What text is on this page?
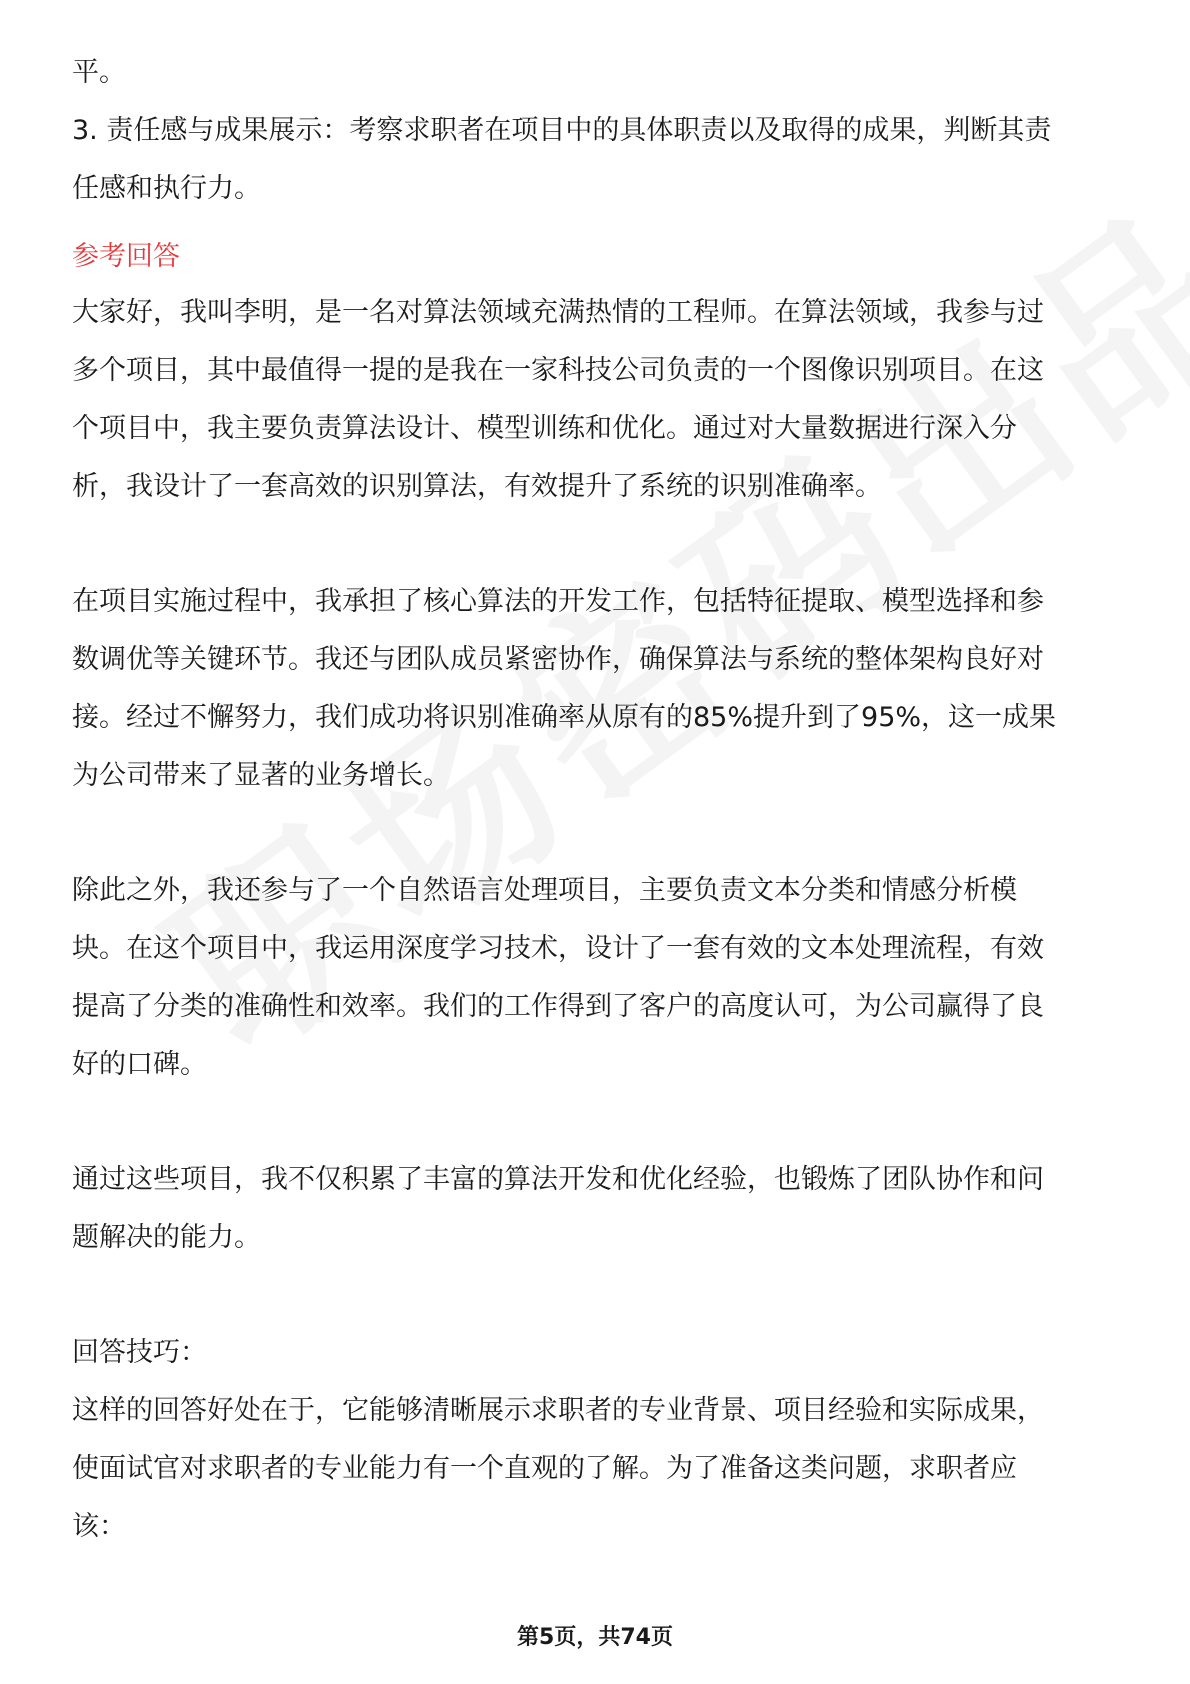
平。
3. 责任感与成果展示：考察求职者在项目中的具体职责以及取得的成果，判断其责
任感和执行力。
参考回答
大家好，我叫李明，是一名对算法领域充满热情的工程师。在算法领域，我参与过
多个项目，其中最值得一提的是我在一家科技公司负责的一个图像识别项目。在这
个项目中，我主要负责算法设计、模型训练和优化。通过对大量数据进行深入分
析，我设计了一套高效的识别算法，有效提升了系统的识别准确率。
在项目实施过程中，我承担了核心算法的开发工作，包括特征提取、模型选择和参
数调优等关键环节。我还与团队成员紧密协作，确保算法与系统的整体架构良好对
接。经过不懈努力，我们成功将识别准确率从原有的85%提升到了95%，这一成果
为公司带来了显著的业务增长。
除此之外，我还参与了一个自然语言处理项目，主要负责文本分类和情感分析模
块。在这个项目中，我运用深度学习技术，设计了一套有效的文本处理流程，有效
提高了分类的准确性和效率。我们的工作得到了客户的高度认可，为公司赢得了良
好的口碑。
通过这些项目，我不仅积累了丰富的算法开发和优化经验，也锻炼了团队协作和问
题解决的能力。
回答技巧：
这样的回答好处在于，它能够清晰展示求职者的专业背景、项目经验和实际成果，
使面试官对求职者的专业能力有一个直观的了解。为了准备这类问题，求职者应
该：
第5页，共74页
